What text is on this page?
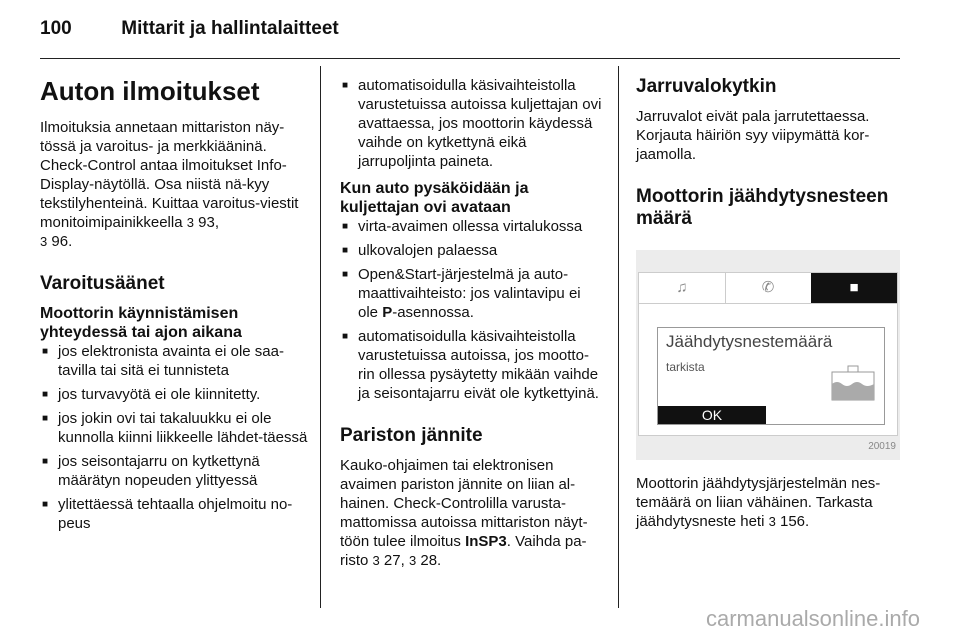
100	Mittarit ja hallintalaitteet
Auton ilmoitukset

Ilmoituksia annetaan mittariston näy-tössä ja varoitus- ja merkkiääninä. Check-Control antaa ilmoitukset Info-Display-näytöllä. Osa niistä nä-kyy tekstilyhenteinä. Kuittaa varoitus-viestit monitoimipainikkeella 3 93,
3 96.

Varoitusäänet
Moottorin käynnistämisen yhteydessä tai ajon aikana
■ jos elektronista avainta ei ole saa-tavilla tai sitä ei tunnisteta
■ jos turvavyötä ei ole kiinnitetty.
■ jos jokin ovi tai takaluukku ei ole kunnolla kiinni liikkeelle lähdet-täessä
■ jos seisontajarru on kytkettynä määrätyn nopeuden ylittyessä
■ ylitettäessä tehtaalla ohjelmoitu no-peus
■ automatisoidulla käsivaihteistolla varustetuissa autoissa kuljettajan ovi avattaessa, jos moottorin käydessä vaihde on kytkettynä eikä jarrupoljinta paineta.
Kun auto pysäköidään ja kuljettajan ovi avataan
■ virta-avaimen ollessa virtalukossa
■ ulkovalojen palaessa
■ Open&Start-järjestelmä ja auto-maattivaihteisto: jos valintavipu ei ole P-asennossa.
■ automatisoidulla käsivaihteistolla varustetuissa autoissa, jos mootto-rin ollessa pysäytetty mikään vaihde ja seisontajarru eivät ole kytkettyinä.
Pariston jännite

Kauko-ohjaimen tai elektronisen avaimen pariston jännite on liian al-hainen. Check-Controlilla varusta-mattomissa autoissa mittariston näyt-töön tulee ilmoitus InSP3. Vaihda pa-risto 3 27, 3 28.

Jarruvalokytkin

Jarruvalot eivät pala jarrutettaessa. Korjauta häiriön syy viipymättä kor-jaamolla.

Moottorin jäähdytysnesteen määrä
♫	✆	■
Jäähdytysnestemäärä
tarkista
OK
20019

Moottorin jäähdytysjärjestelmän nes-temäärä on liian vähäinen. Tarkasta jäähdytysneste heti 3 156.

carmanualsonline.info
